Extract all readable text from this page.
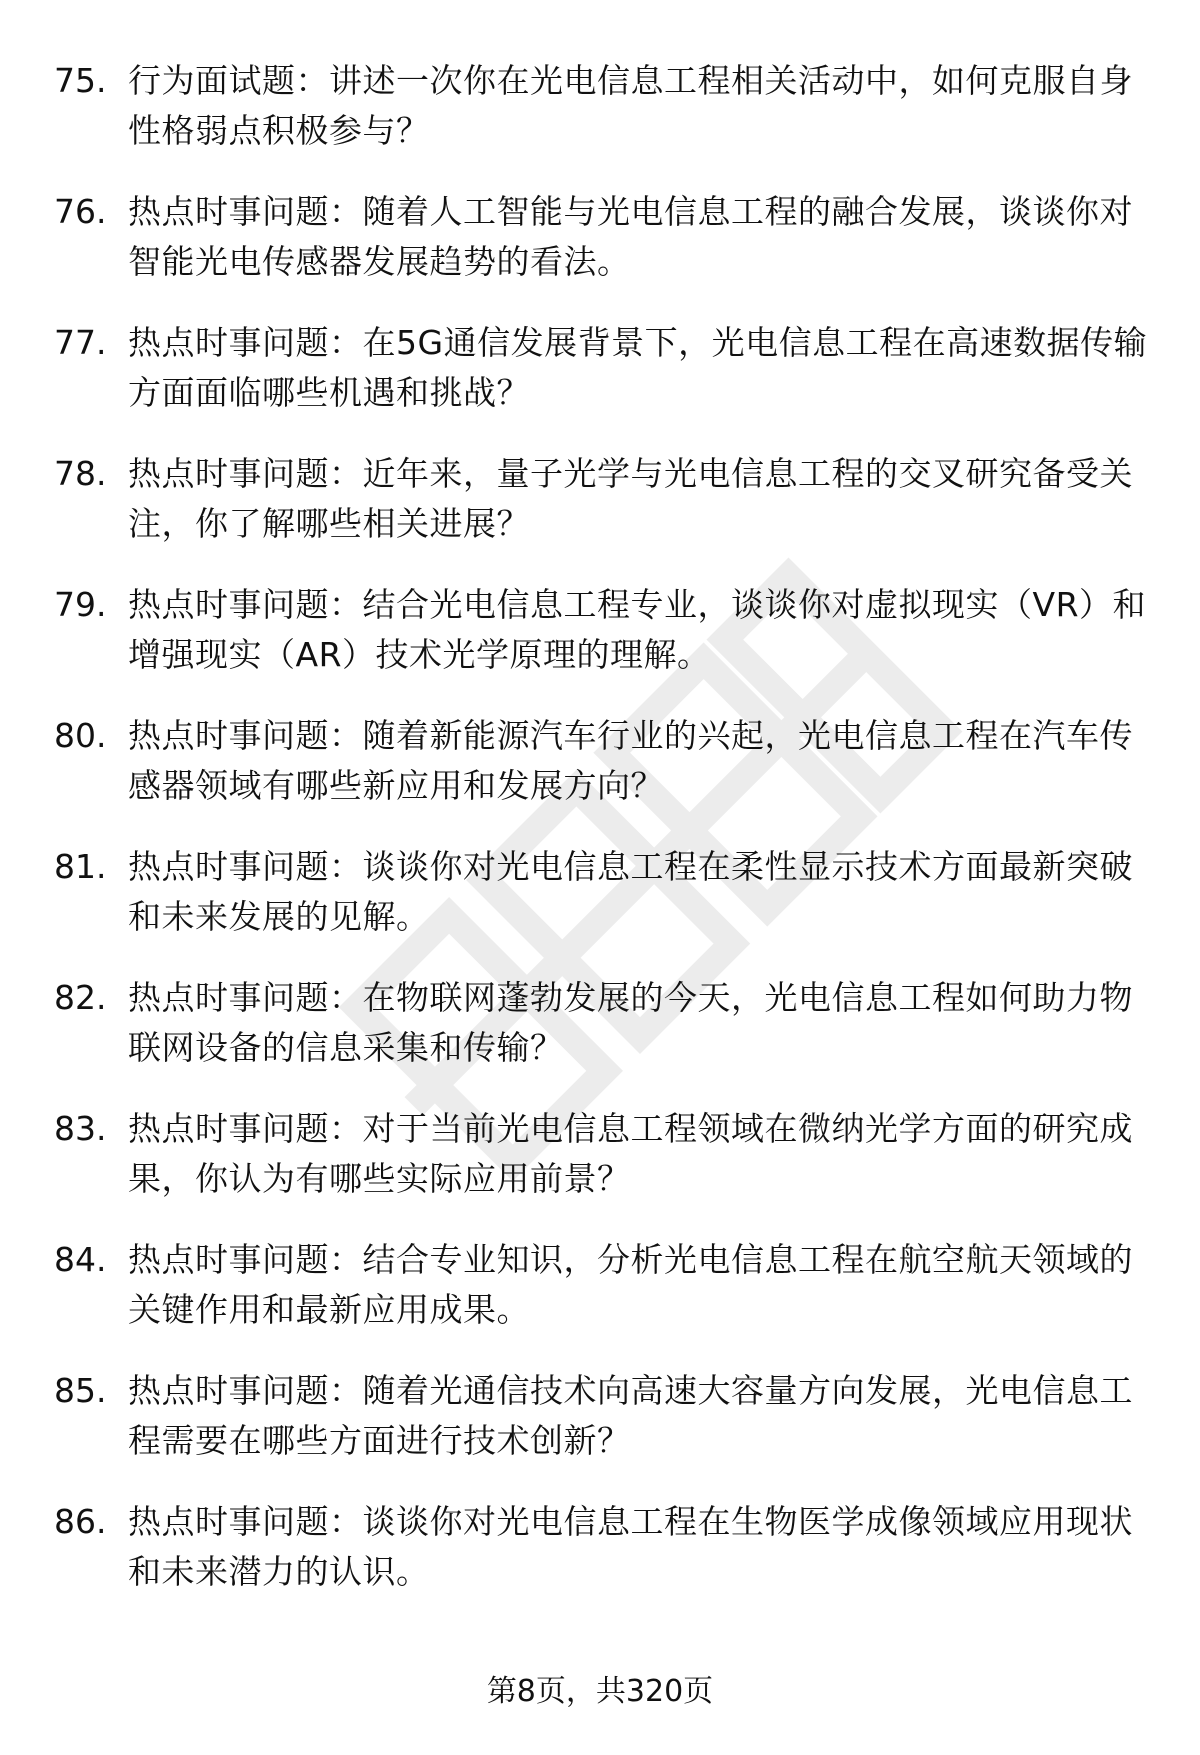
75. 行为面试题：讲述一次你在光电信息工程相关活动中，如何克服自身性格弱点积极参与？
76. 热点时事问题：随着人工智能与光电信息工程的融合发展，谈谈你对智能光电传感器发展趋势的看法。
77. 热点时事问题：在5G通信发展背景下，光电信息工程在高速数据传输方面面临哪些机遇和挑战？
78. 热点时事问题：近年来，量子光学与光电信息工程的交叉研究备受关注，你了解哪些相关进展？
79. 热点时事问题：结合光电信息工程专业，谈谈你对虚拟现实（VR）和增强现实（AR）技术光学原理的理解。
80. 热点时事问题：随着新能源汽车行业的兴起，光电信息工程在汽车传感器领域有哪些新应用和发展方向？
81. 热点时事问题：谈谈你对光电信息工程在柔性显示技术方面最新突破和未来发展的见解。
82. 热点时事问题：在物联网蓬勃发展的今天，光电信息工程如何助力物联网设备的信息采集和传输？
83. 热点时事问题：对于当前光电信息工程领域在微纳光学方面的研究成果，你认为有哪些实际应用前景？
84. 热点时事问题：结合专业知识，分析光电信息工程在航空航天领域的关键作用和最新应用成果。
85. 热点时事问题：随着光通信技术向高速大容量方向发展，光电信息工程需要在哪些方面进行技术创新？
86. 热点时事问题：谈谈你对光电信息工程在生物医学成像领域应用现状和未来潜力的认识。
第8页，共320页
